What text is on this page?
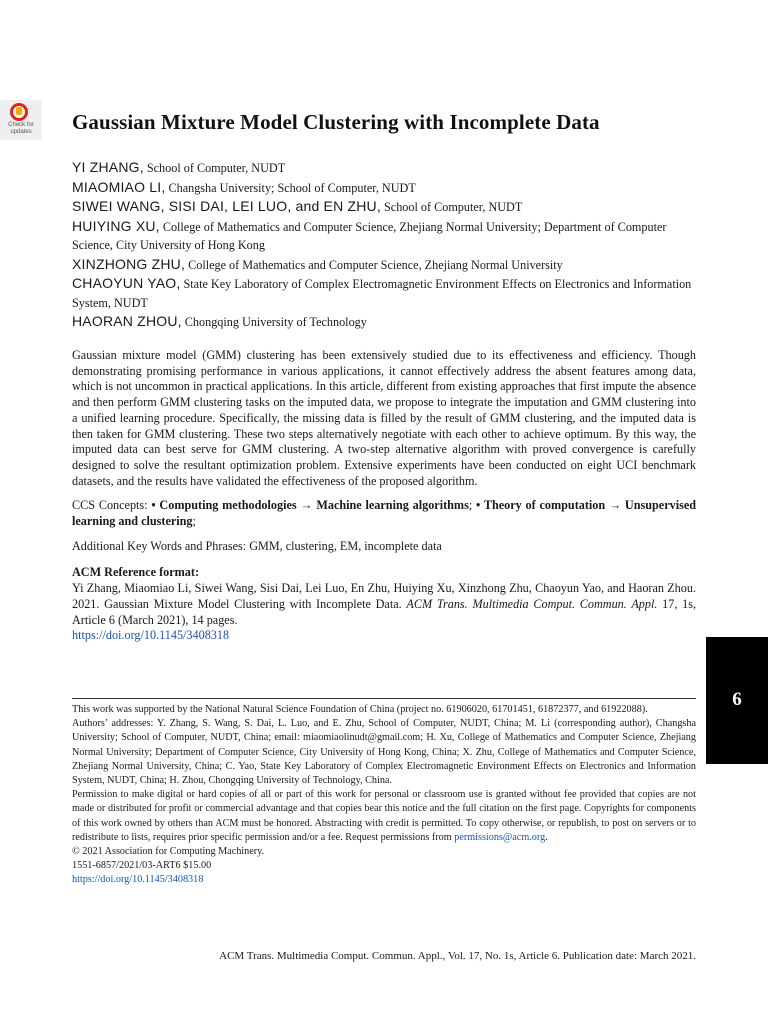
Check for updates	Gaussian Mixture Model Clustering with Incomplete Data

YI ZHANG, School of Computer, NUDT

MIAOMIAO LI, Changsha University; School of Computer, NUDT

SIWEI WANG, SISI DAI, LEI LUO, and EN ZHU, School of Computer, NUDT

HUIYING XU, College of Mathematics and Computer Science, Zhejiang Normal University; Department of Computer Science, City University of Hong Kong

XINZHONG ZHU, College of Mathematics and Computer Science, Zhejiang Normal University

CHAOYUN YAO, State Key Laboratory of Complex Electromagnetic Environment Effects on Electronics and Information System, NUDT

HAORAN ZHOU, Chongqing University of Technology

Gaussian mixture model (GMM) clustering has been extensively studied due to its effectiveness and efficiency. Though demonstrating promising performance in various applications, it cannot effectively address the absent features among data, which is not uncommon in practical applications. In this article, different from existing approaches that first impute the absence and then perform GMM clustering tasks on the imputed data, we propose to integrate the imputation and GMM clustering into a unified learning procedure. Specifically, the missing data is filled by the result of GMM clustering, and the imputed data is then taken for GMM clustering. These two steps alternatively negotiate with each other to achieve optimum. By this way, the imputed data can best serve for GMM clustering. A two-step alternative algorithm with proved convergence is carefully designed to solve the resultant optimization problem. Extensive experiments have been conducted on eight UCI benchmark datasets, and the results have validated the effectiveness of the proposed algorithm.

CCS Concepts: • Computing methodologies → Machine learning algorithms; • Theory of computation → Unsupervised learning and clustering;

Additional Key Words and Phrases: GMM, clustering, EM, incomplete data

ACM Reference format:

Yi Zhang, Miaomiao Li, Siwei Wang, Sisi Dai, Lei Luo, En Zhu, Huiying Xu, Xinzhong Zhu, Chaoyun Yao, and Haoran Zhou. 2021. Gaussian Mixture Model Clustering with Incomplete Data. ACM Trans. Multimedia Comput. Commun. Appl. 17, 1s, Article 6 (March 2021), 14 pages.

https://doi.org/10.1145/3408318

This work was supported by the National Natural Science Foundation of China (project no. 61906020, 61701451, 61872377, and 61922088).

Authors’ addresses: Y. Zhang, S. Wang, S. Dai, L. Luo, and E. Zhu, School of Computer, NUDT, China; M. Li (corresponding author), Changsha University; School of Computer, NUDT, China; email: miaomiaolinudt@gmail.com; H. Xu, College of Mathematics and Computer Science, Zhejiang Normal University; Department of Computer Science, City University of Hong Kong, China; X. Zhu, College of Mathematics and Computer Science, Zhejiang Normal University, China; C. Yao, State Key Laboratory of Complex Electromagnetic Environment Effects on Electronics and Information System, NUDT, China; H. Zhou, Chongqing University of Technology, China.

Permission to make digital or hard copies of all or part of this work for personal or classroom use is granted without fee provided that copies are not made or distributed for profit or commercial advantage and that copies bear this notice and the full citation on the first page. Copyrights for components of this work owned by others than ACM must be honored. Abstracting with credit is permitted. To copy otherwise, or republish, to post on servers or to redistribute to lists, requires prior specific permission and/or a fee. Request permissions from permissions@acm.org.

© 2021 Association for Computing Machinery.

1551-6857/2021/03-ART6 $15.00

https://doi.org/10.1145/3408318

6
ACM Trans. Multimedia Comput. Commun. Appl., Vol. 17, No. 1s, Article 6. Publication date: March 2021.
